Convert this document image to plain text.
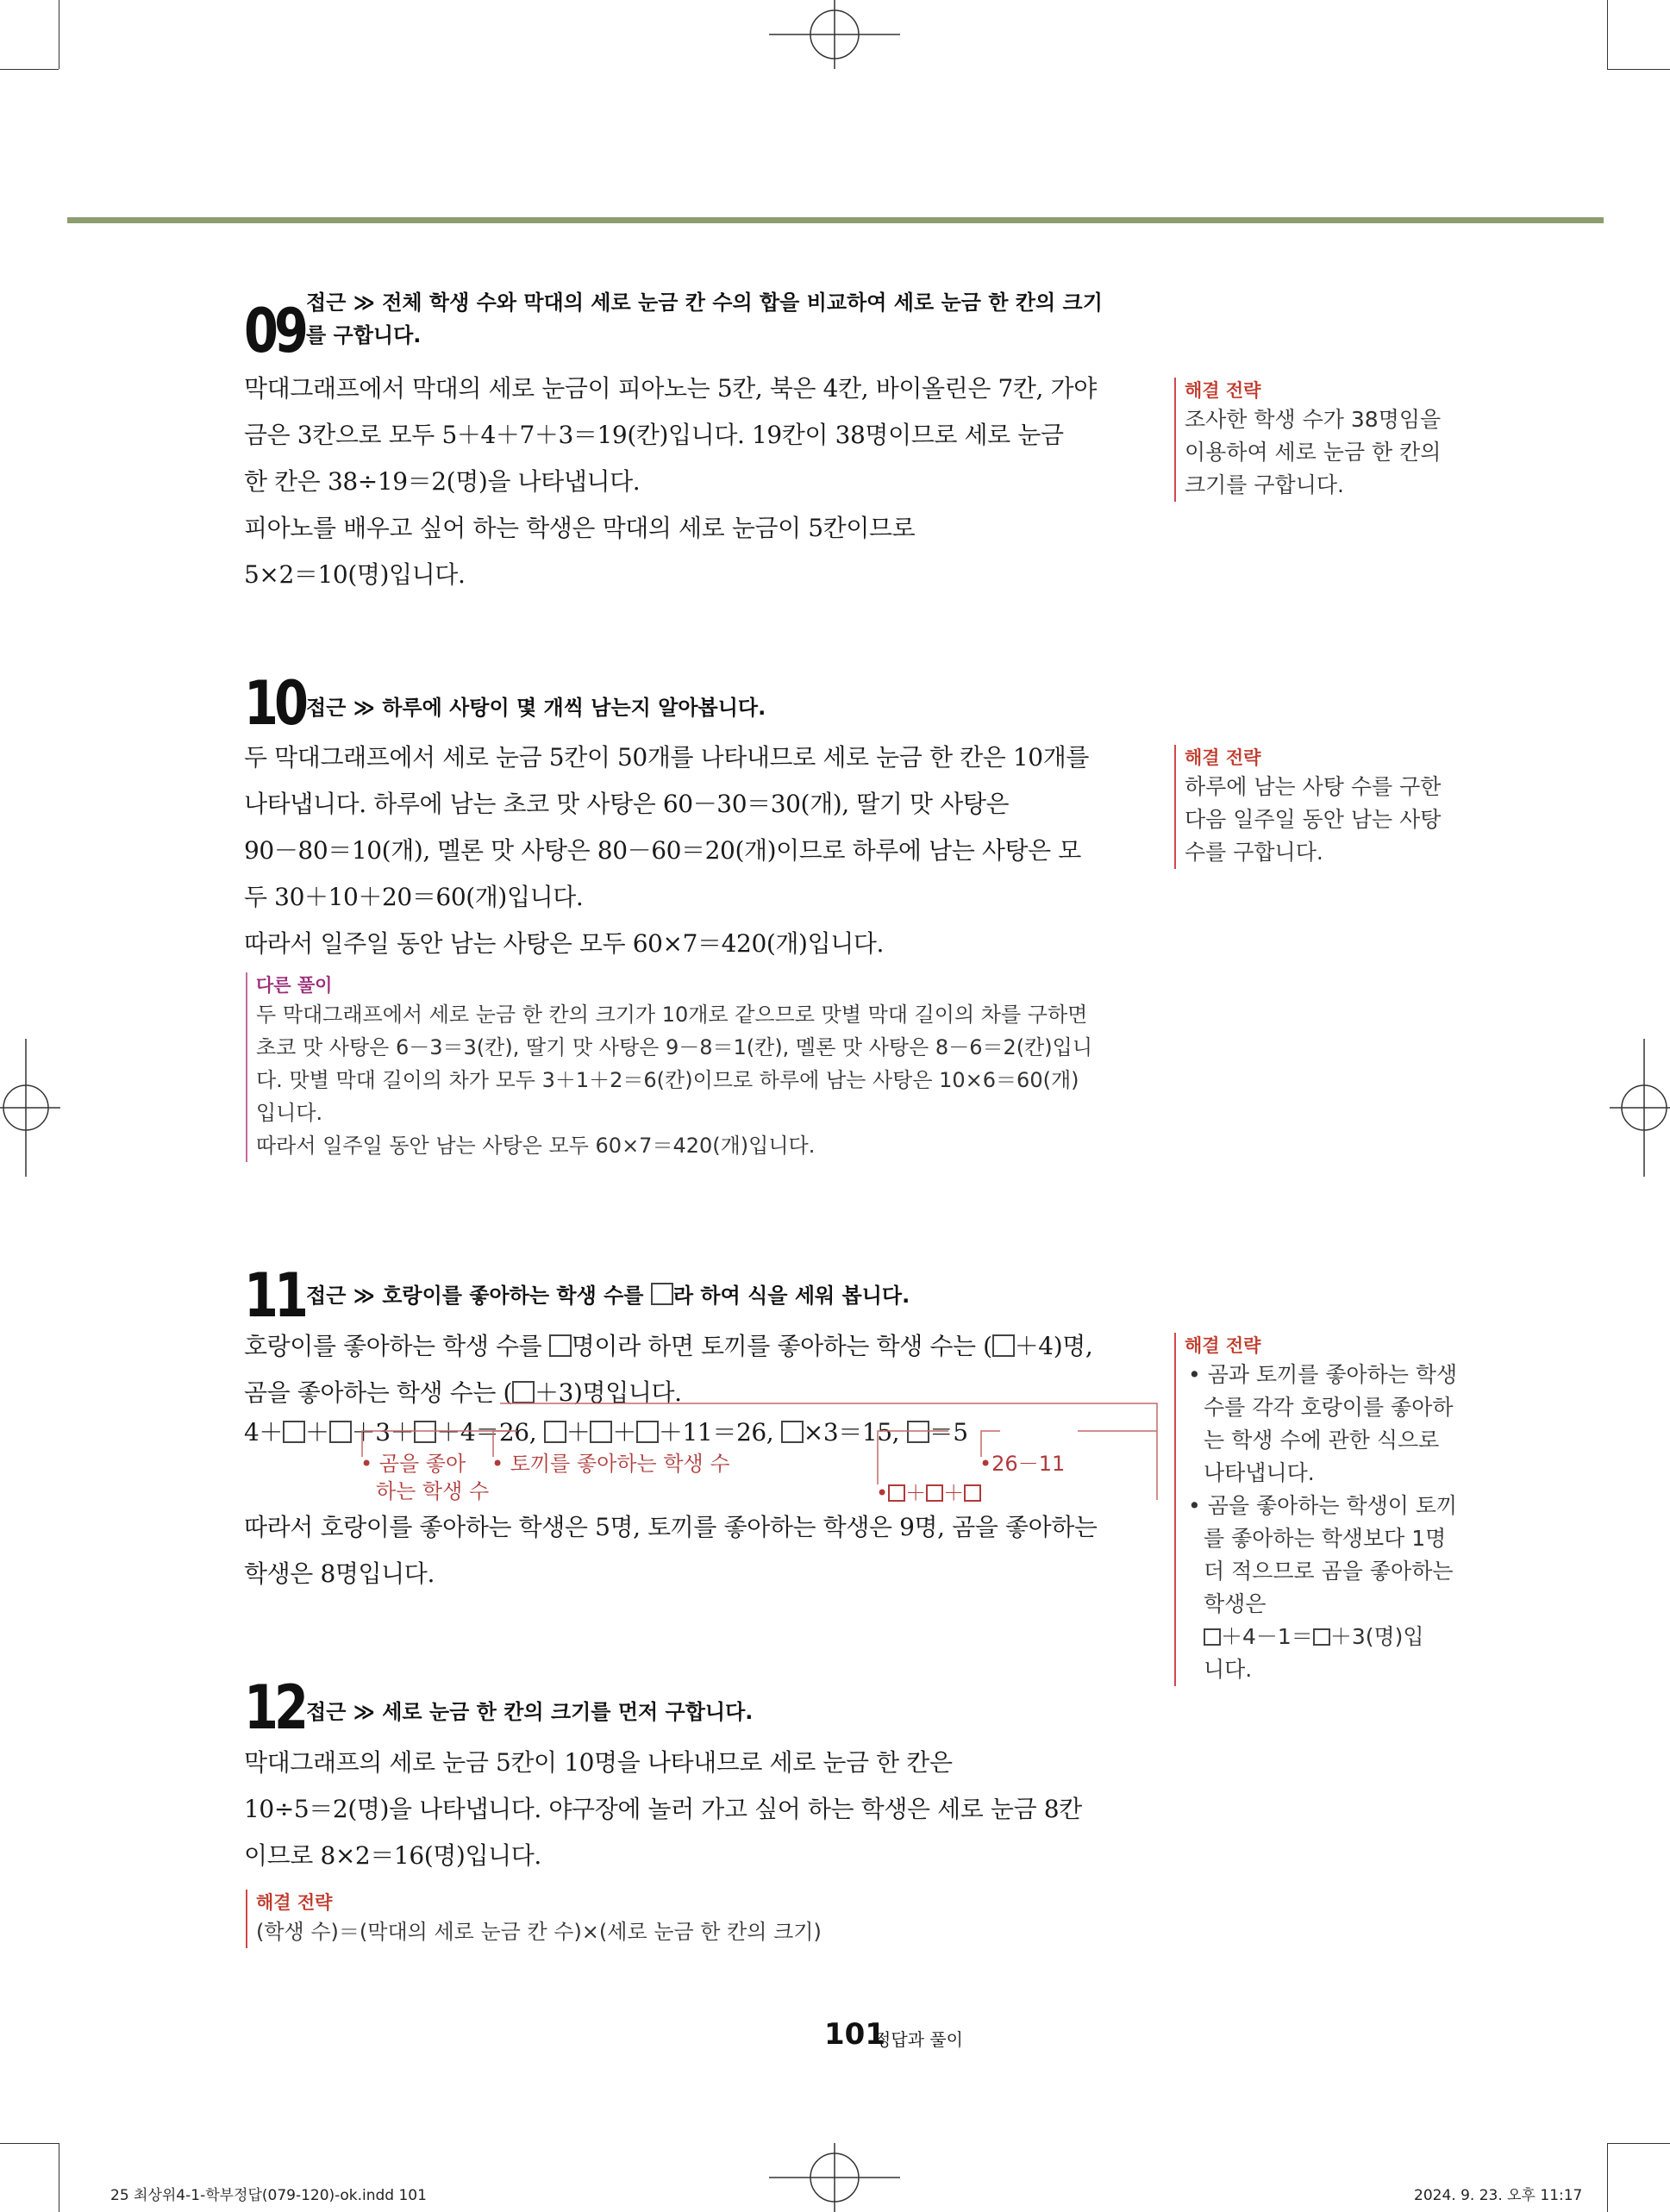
09 접근 ≫ 전체 학생 수와 막대의 세로 눈금 칸 수의 합을 비교하여 세로 눈금 한 칸의 크기
를 구합니다.

막대그래프에서 막대의 세로 눈금이 피아노는 5칸, 북은 4칸, 바이올린은 7칸, 가야

금은 3칸으로 모두 5＋4＋7＋3＝19(칸)입니다. 19칸이 38명이므로 세로 눈금

한 칸은 38÷19＝2(명)을 나타냅니다.

피아노를 배우고 싶어 하는 학생은 막대의 세로 눈금이 5칸이므로

5×2＝10(명)입니다.

해결 전략

조사한 학생 수가 38명임을

이용하여 세로 눈금 한 칸의

크기를 구합니다.

10 접근 ≫ 하루에 사탕이 몇 개씩 남는지 알아봅니다.

두 막대그래프에서 세로 눈금 5칸이 50개를 나타내므로 세로 눈금 한 칸은 10개를

나타냅니다. 하루에 남는 초코 맛 사탕은 60－30＝30(개), 딸기 맛 사탕은

90－80＝10(개), 멜론 맛 사탕은 80－60＝20(개)이므로 하루에 남는 사탕은 모

두 30＋10＋20＝60(개)입니다.

따라서 일주일 동안 남는 사탕은 모두 60×7＝420(개)입니다.

해결 전략

하루에 남는 사탕 수를 구한

다음 일주일 동안 남는 사탕

수를 구합니다.

다른 풀이

두 막대그래프에서 세로 눈금 한 칸의 크기가 10개로 같으므로 맛별 막대 길이의 차를 구하면

초코 맛 사탕은 6－3＝3(칸), 딸기 맛 사탕은 9－8＝1(칸), 멜론 맛 사탕은 8－6＝2(칸)입니

다. 맛별 막대 길이의 차가 모두 3＋1＋2＝6(칸)이므로 하루에 남는 사탕은 10×6＝60(개)

입니다.

따라서 일주일 동안 남는 사탕은 모두 60×7＝420(개)입니다.

11 접근 ≫ 호랑이를 좋아하는 학생 수를 라 하여 식을 세워 봅니다.

호랑이를 좋아하는 학생 수를 명이라 하면 토끼를 좋아하는 학생 수는 ( ＋4)명,

곰을 좋아하는 학생 수는 ( ＋3)명입니다.

4＋ ＋ ＋3＋ ＋4＝26, ＋ ＋ ＋11＝26, ×3＝15, ＝5

• 곰을 좋아
하는 학생 수
• 토끼를 좋아하는 학생 수	•26－11
• ＋ ＋

따라서 호랑이를 좋아하는 학생은 5명, 토끼를 좋아하는 학생은 9명, 곰을 좋아하는

학생은 8명입니다.

해결 전략

• 곰과 토끼를 좋아하는 학생

수를 각각 호랑이를 좋아하

는 학생 수에 관한 식으로

나타냅니다.

• 곰을 좋아하는 학생이 토끼

를 좋아하는 학생보다 1명

더 적으므로 곰을 좋아하는

학생은

＋4－1＝ ＋3(명)입

니다.

12 접근 ≫ 세로 눈금 한 칸의 크기를 먼저 구합니다.

막대그래프의 세로 눈금 5칸이 10명을 나타내므로 세로 눈금 한 칸은

10÷5＝2(명)을 나타냅니다. 야구장에 놀러 가고 싶어 하는 학생은 세로 눈금 8칸

이므로 8×2＝16(명)입니다.

해결 전략

(학생 수)＝(막대의 세로 눈금 칸 수)×(세로 눈금 한 칸의 크기)

101
정답과 풀이
25 최상위4-1-학부정답(079-120)-ok.indd 101	2024. 9. 23. 오후 11:17
